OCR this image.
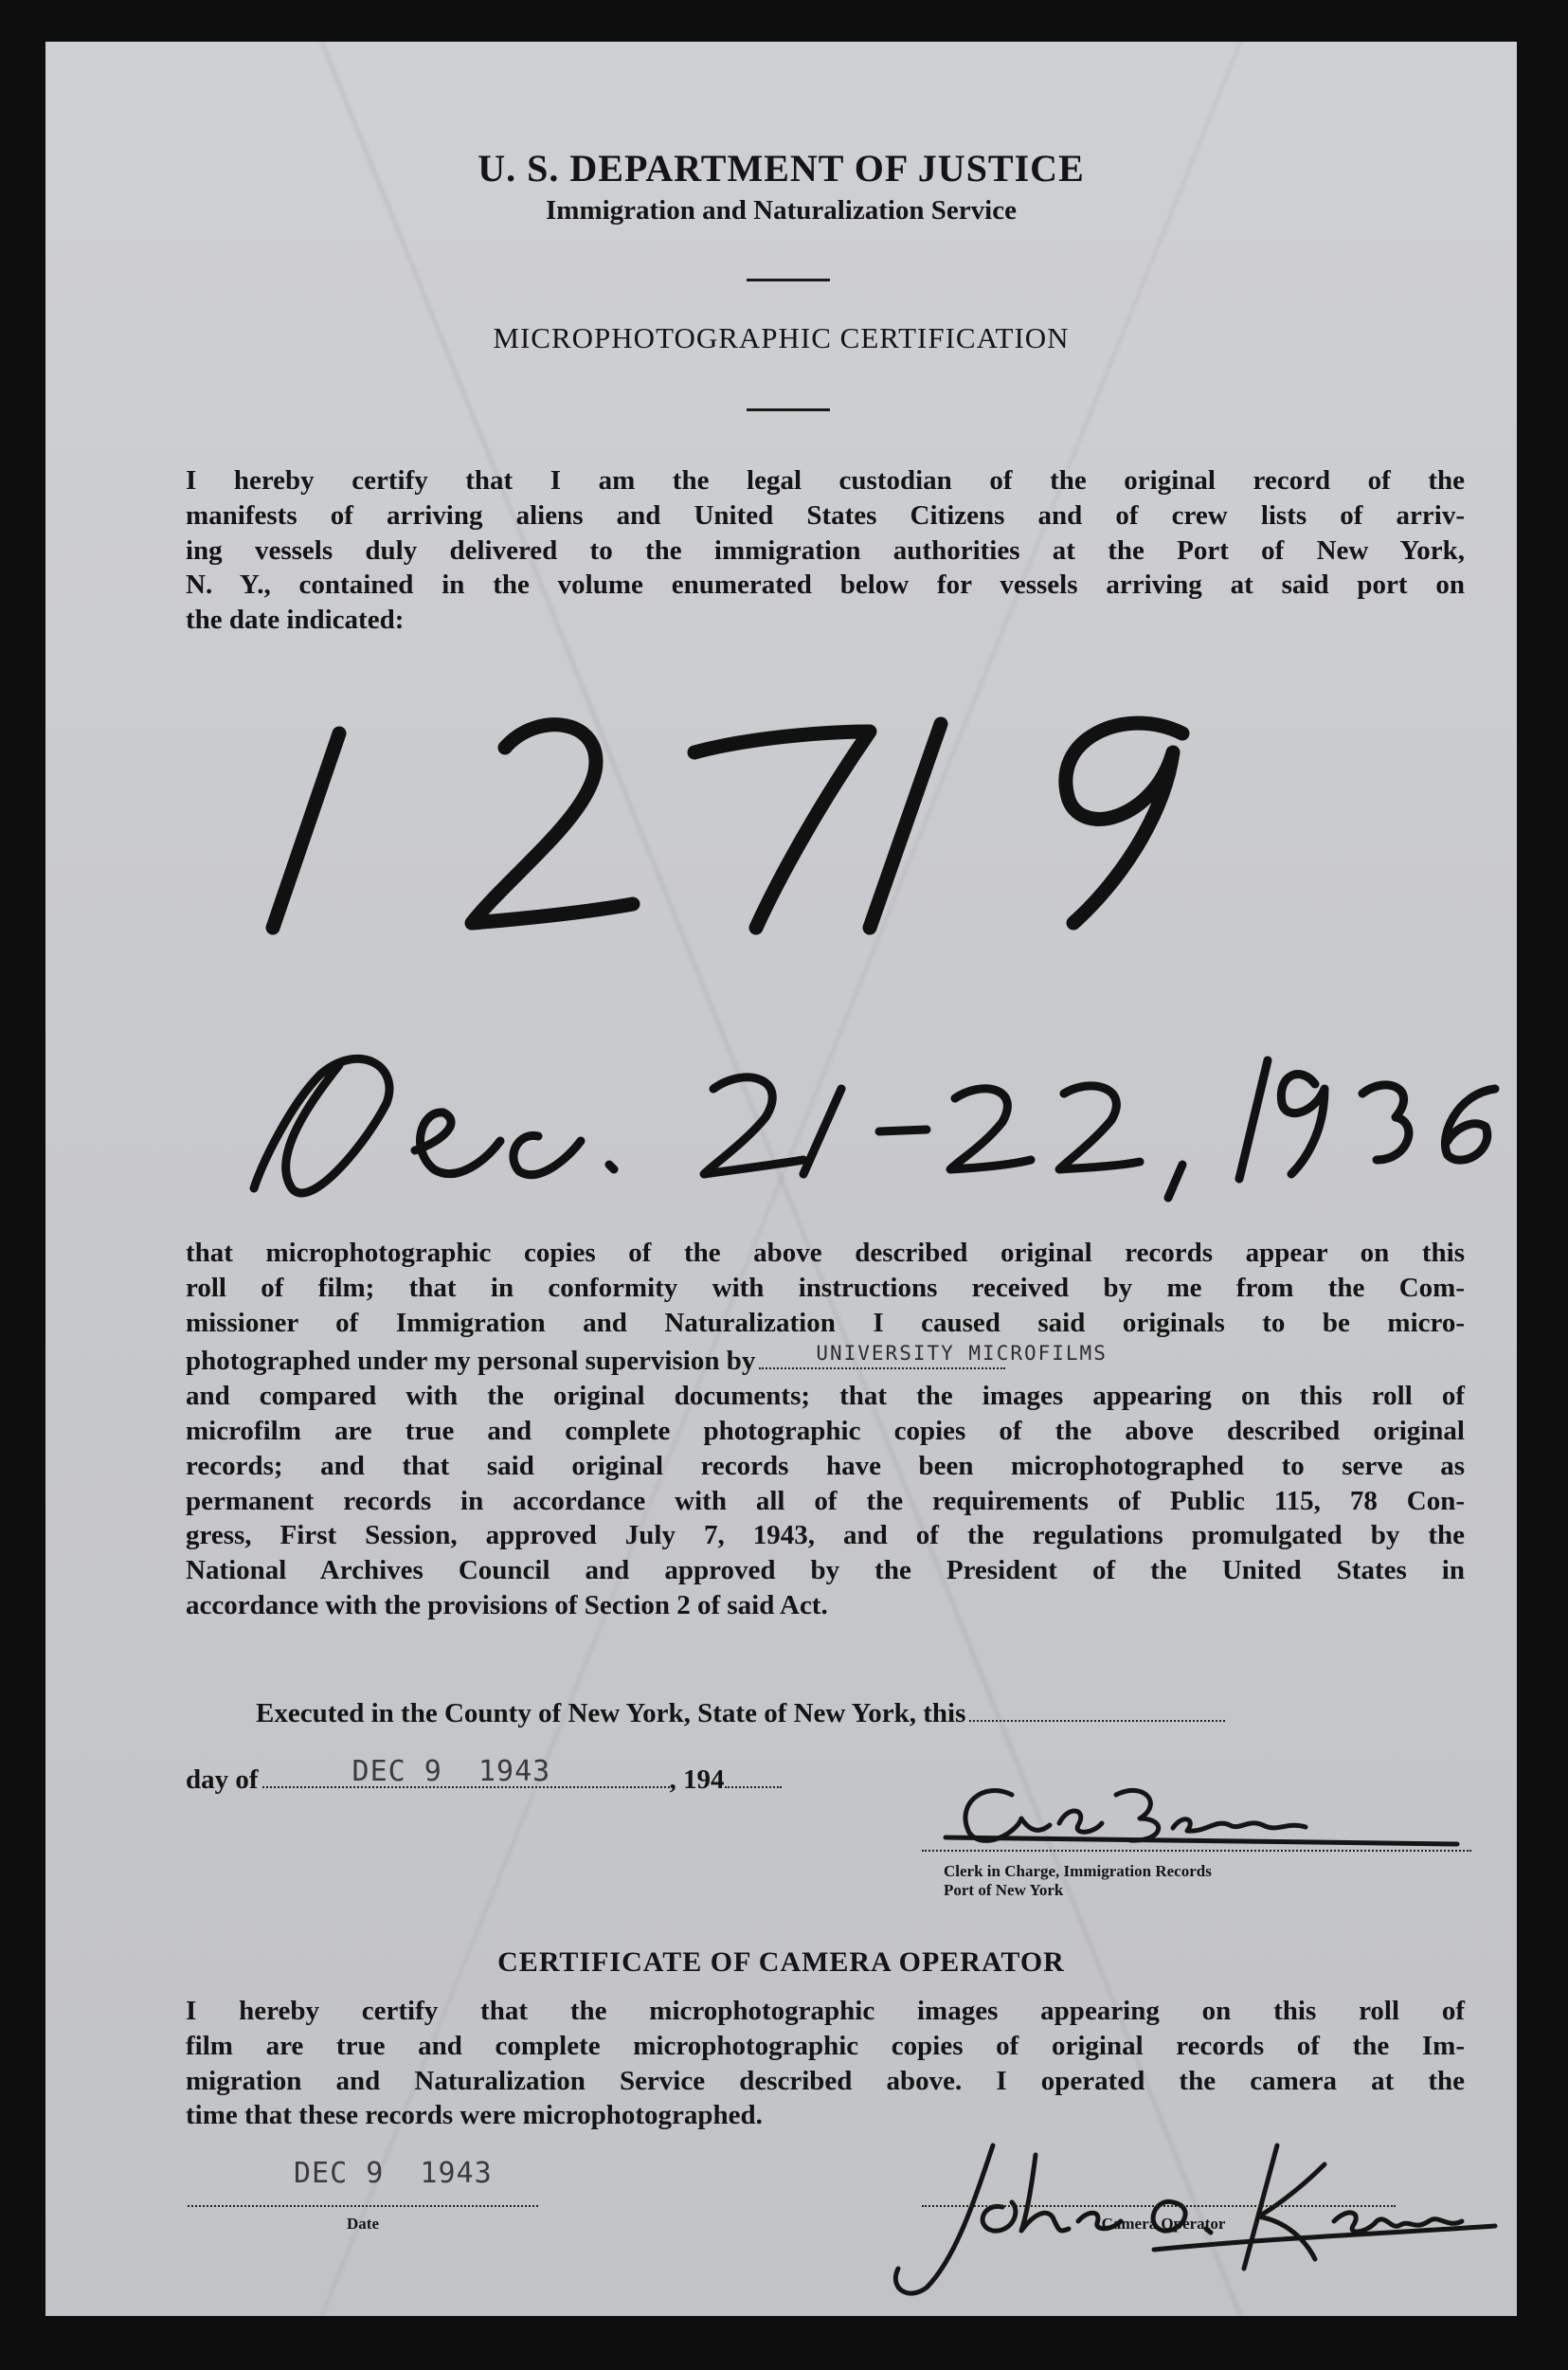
U. S. DEPARTMENT OF JUSTICE
Immigration and Naturalization Service
MICROPHOTOGRAPHIC CERTIFICATION
I hereby certify that I am the legal custodian of the original record of the
manifests of arriving aliens and United States Citizens and of crew lists of arriv-
ing vessels duly delivered to the immigration authorities at the Port of New York,
N. Y., contained in the volume enumerated below for vessels arriving at said port on
the date indicated:
that microphotographic copies of the above described original records appear on this
roll of film; that in conformity with instructions received by me from the Com-
missioner of Immigration and Naturalization I caused said originals to be micro-
photographed under my personal supervision by	UNIVERSITY MICROFILMS
and compared with the original documents; that the images appearing on this roll of
microfilm are true and complete photographic copies of the above described original
records; and that said original records have been microphotographed to serve as
permanent records in accordance with all of the requirements of Public 115, 78 Con-
gress, First Session, approved July 7, 1943, and of the regulations promulgated by the
National Archives Council and approved by the President of the United States in
accordance with the provisions of Section 2 of said Act.
Executed in the County of New York, State of New York, this
day of	DEC 9  1943	, 194
Clerk in Charge, Immigration Records
Port of New York
CERTIFICATE OF CAMERA OPERATOR
I hereby certify that the microphotographic images appearing on this roll of
film are true and complete microphotographic copies of original records of the Im-
migration and Naturalization Service described above. I operated the camera at the
time that these records were microphotographed.
DEC 9  1943
Date	Camera Operator
